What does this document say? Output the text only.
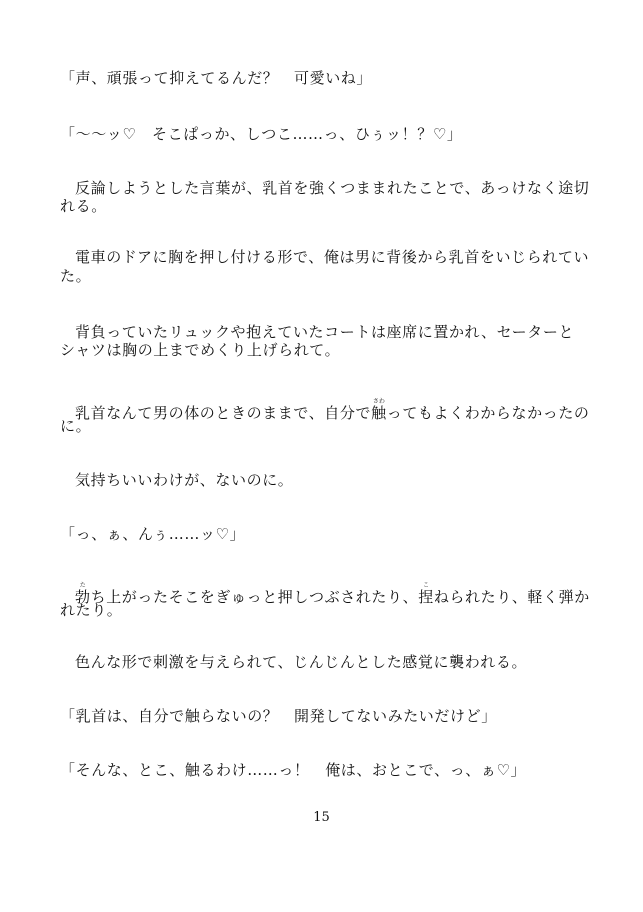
「声、頑張って抑えてるんだ？　可愛いね」
「～～ッ♡　そこぱっか、しつこ……っ、ひぅッ！？♡」
反論しようとした言葉が、乳首を強くつままれたことで、あっけなく途切
れる。
電車のドアに胸を押し付ける形で、俺は男に背後から乳首をいじられてい
た。
背負っていたリュックや抱えていたコートは座席に置かれ、セーターと
シャツは胸の上までめくり上げられて。
乳首なんて男の体のときのままで、自分で触さわってもよくわからなかったの
に。
気持ちいいわけが、ないのに。
「っ、ぁ、んぅ……ッ♡」
勃たち上がったそこをぎゅっと押しつぶされたり、捏こねられたり、軽く弾か
れたり。
色んな形で刺激を与えられて、じんじんとした感覚に襲われる。
「乳首は、自分で触らないの？　開発してないみたいだけど」
「そんな、とこ、触るわけ……っ！　俺は、おとこで、っ、ぁ♡」
15
